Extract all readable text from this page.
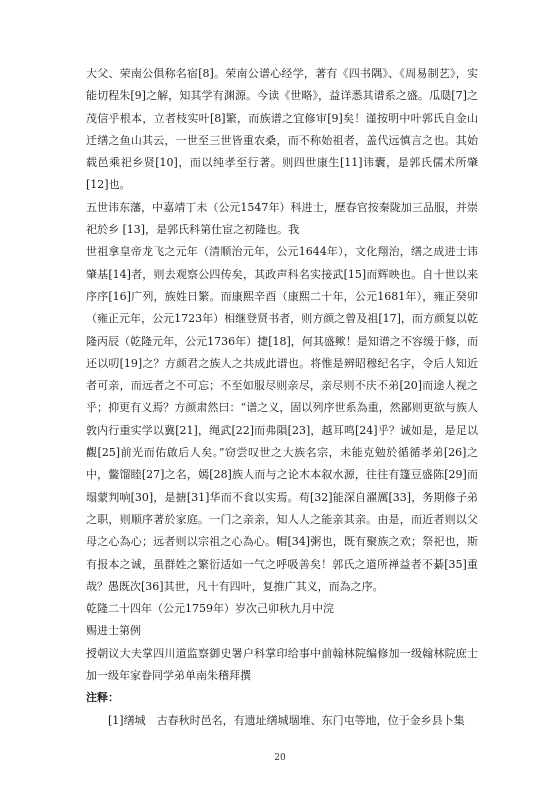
大父、荣南公俱称名宿[8]。荣南公谱心经学，著有《四书隅》、《周易制艺》，实能切程朱[9]之解，知其学有渊源。今读《世略》，益详悉其谱系之盛。瓜瓞[7]之茂信乎根本，立者枝实叶[8]繁，而族谱之宜修审[9]矣！谨按明中叶郭氏自金山迁缮之鱼山其云，一世至三世皆重农桑，而不称始祖者，盖代远慎言之也。其始载邑乘祀乡贤[10]，而以纯孝至行著。则四世康生[11]讳囊，是郭氏儒术所肇[12]也。

五世讳东藩，中嘉靖丁未（公元1547年）科进士，歷春官按秦陇加三品服，并崇祀於乡 [13]，是郭氏科第仕宦之初隆也。我

世祖拿皇帝龙飞之元年（清顺治元年，公元1644年），文化翔治，缮之成进士讳肇基[14]者，则去观察公四传矣，其政声科名实接武[15]而辉映也。自十世以来序序[16]广列，族姓日繁。而康熙辛酉（康熙二十年，公元1681年），雍正癸卯（雍正元年，公元1723年）相继登贤书者，则方颜之曾及祖[17]，而方颜复以乾隆丙辰（乾隆元年，公元1736年）捷[18]，何其盛歟！是知谱之不容缓于修，而还以叨[19]之？方颜君之族人之共成此谱也。将惟是辨昭穆纪名字，令后人知近者可亲，而远者之不可忘；不至如服尽则亲尽，亲尽则不庆不弟[20]而途人视之乎；抑更有义焉？方颜肃然曰：“谱之义，固以列序世系為重，然鄙则更欲与族人敦内行重实学以冀[21]，绳武[22]而弗隕[23]，越耳鸣[24]乎？诚如是，是足以觀[25]前光而佑啟后人矣。”窃尝叹世之大族名宗，未能克勉於循循孝弟[26]之中，鳖馏睦[27]之名，嫣[28]族人而与之论木本叙水源，往往有篷豆盛陈[29]而塌蒙判响[30]，是搪[31]华而不食以实焉。苟[32]能深自濯厲[33]，务期修子弟之职，则顺序著於家庭。一门之亲亲，知人人之能亲其亲。由是，而近者则以父母之心為心；远者则以宗祖之心為心。帽[34]粥也，既有聚族之欢；祭祀也，斯有报本之诚，虽群姓之繁衍适如一气之呼吸善矣！郭氏之道所禅益者不綦[35]重哉？愚既次[36]其世，凡十有四叶，复推广其义，而為之序。

乾隆二十四年（公元1759年）岁次己卯秋九月中浣

赐进士第例

授朝议大夫掌四川道监察御史署户科掌印给事中前翰林院编修加一级翰林院庶士加一级年家眷同学弟单南朱稽拜撰

注释：

[1]缮城　古春秋时邑名，有遗址缮城堌堆、东门屯等地，位于金乡县卜集

20
